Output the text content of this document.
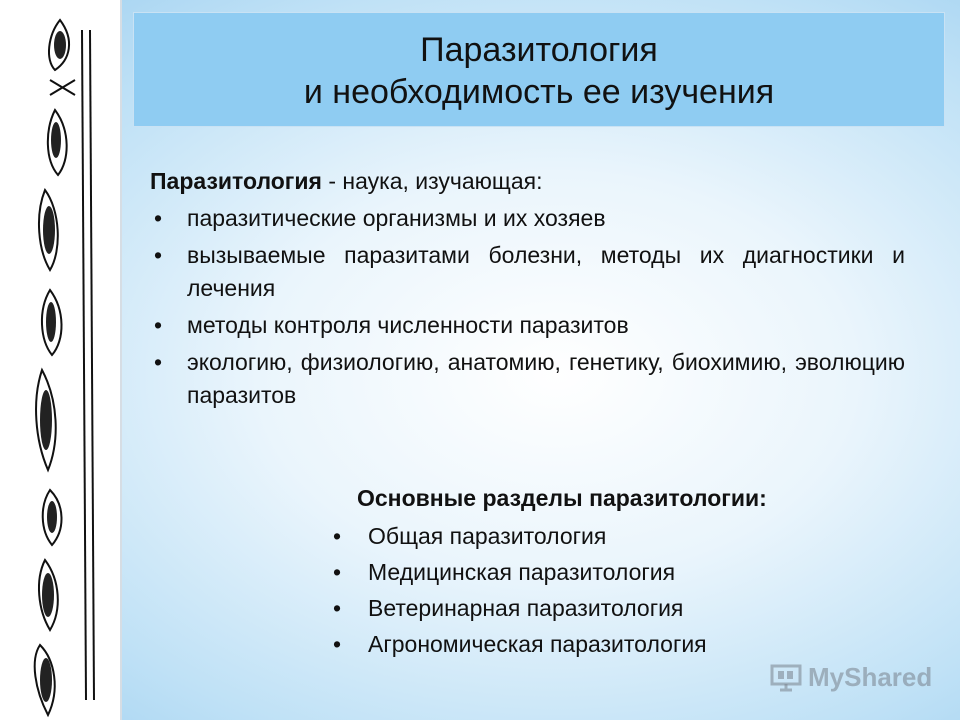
Паразитология
и необходимость ее изучения
Паразитология - наука, изучающая:
• паразитические организмы и их хозяев
• вызываемые паразитами болезни, методы их диагностики и лечения
• методы контроля численности паразитов
• экологию, физиологию, анатомию, генетику, биохимию, эволюцию паразитов
Основные разделы паразитологии:
• Общая паразитология
• Медицинская паразитология
• Ветеринарная паразитология
• Агрономическая паразитология
MyShared
